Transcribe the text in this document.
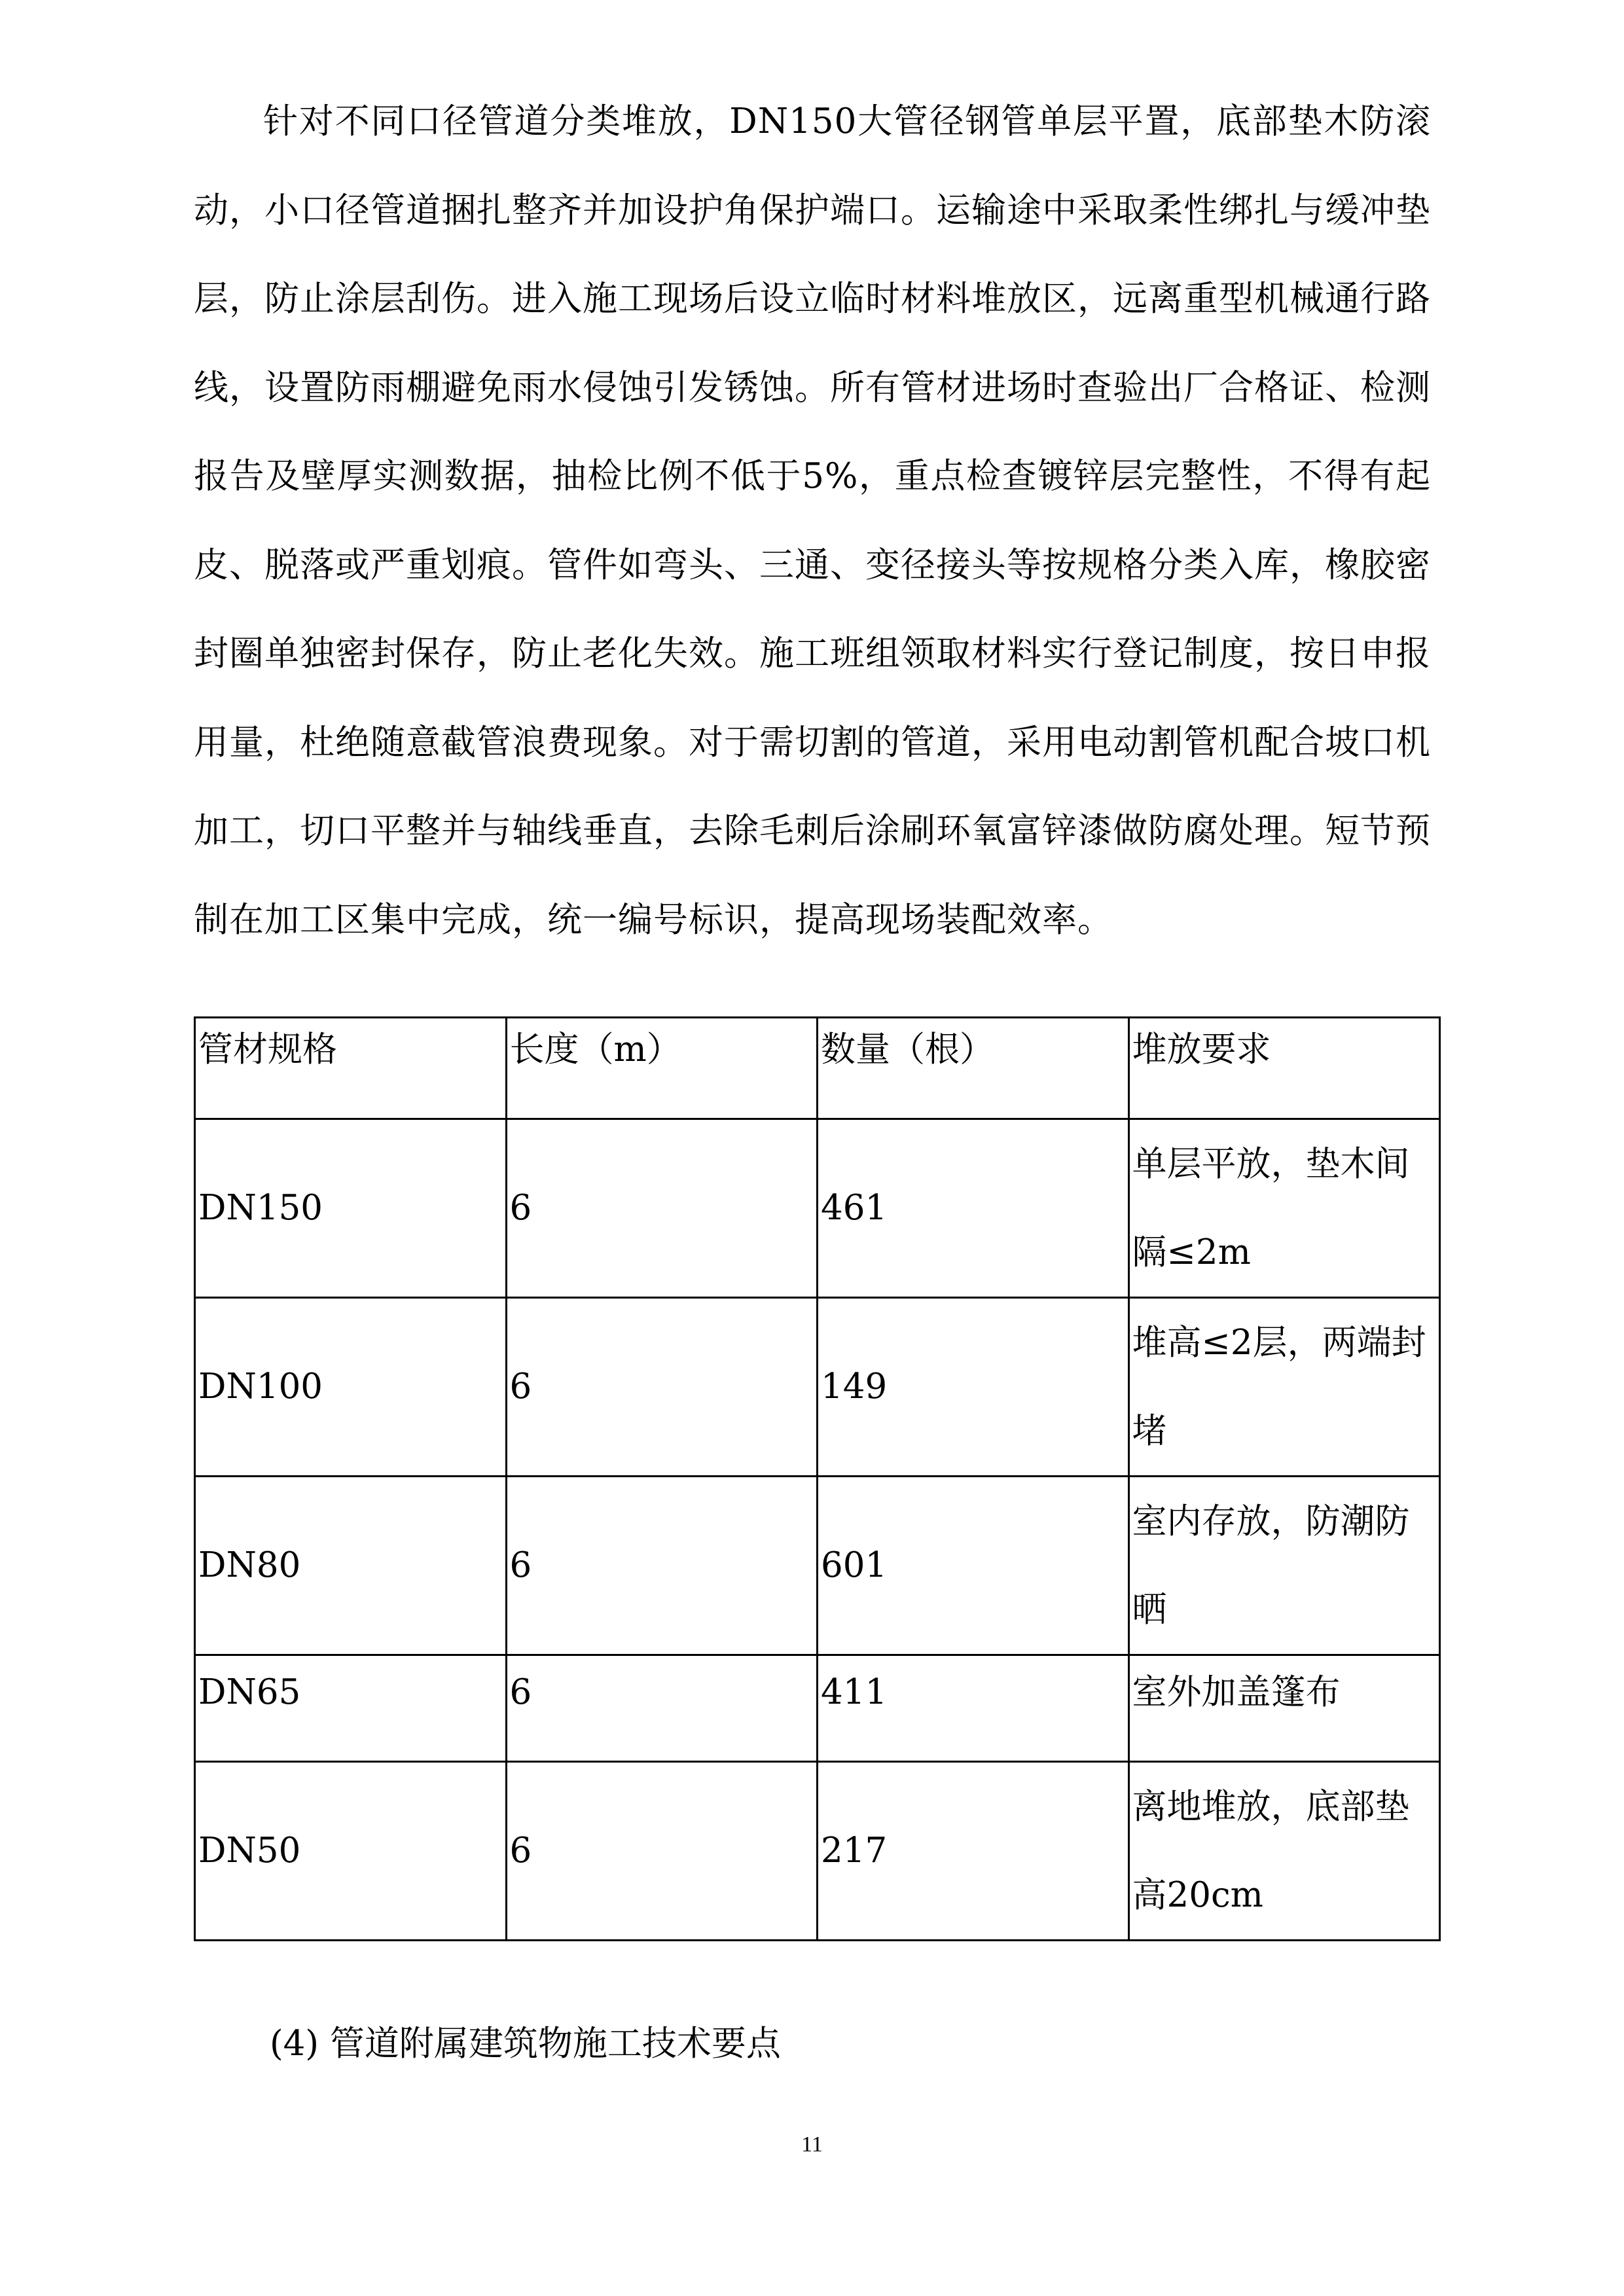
针对不同口径管道分类堆放，DN150大管径钢管单层平置，底部垫木防滚动，小口径管道捆扎整齐并加设护角保护端口。运输途中采取柔性绑扎与缓冲垫层，防止涂层刮伤。进入施工现场后设立临时材料堆放区，远离重型机械通行路线，设置防雨棚避免雨水侵蚀引发锈蚀。所有管材进场时查验出厂合格证、检测报告及壁厚实测数据，抽检比例不低于5%，重点检查镀锌层完整性，不得有起皮、脱落或严重划痕。管件如弯头、三通、变径接头等按规格分类入库，橡胶密封圈单独密封保存，防止老化失效。施工班组领取材料实行登记制度，按日申报用量，杜绝随意截管浪费现象。对于需切割的管道，采用电动割管机配合坡口机加工，切口平整并与轴线垂直，去除毛刺后涂刷环氧富锌漆做防腐处理。短节预制在加工区集中完成，统一编号标识，提高现场装配效率。

管材规格	长度（m）	数量（根）	堆放要求
DN150	6	461	单层平放，垫木间隔≤2m
DN100	6	149	堆高≤2层，两端封堵
DN80	6	601	室内存放，防潮防晒
DN65	6	411	室外加盖篷布
DN50	6	217	离地堆放，底部垫高20cm

(4) 管道附属建筑物施工技术要点

11
